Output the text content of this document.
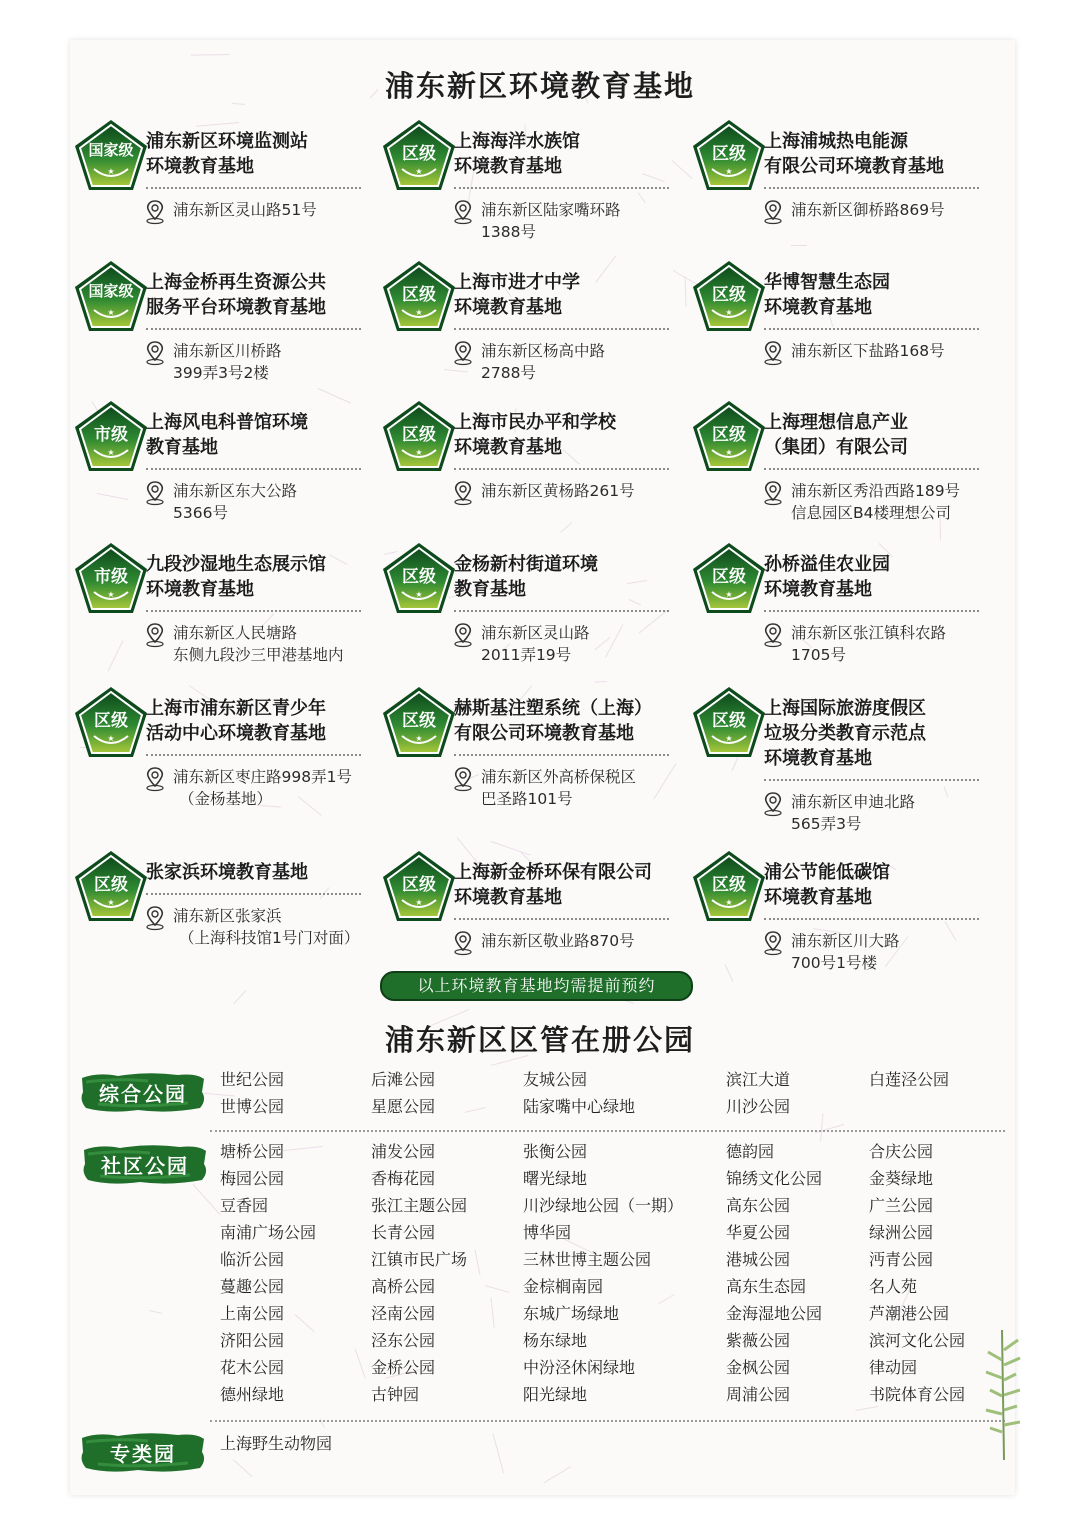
浦东新区环境教育基地
国家级
★
浦东新区环境监测站
环境教育基地
浦东新区灵山路51号
区级
★
上海海洋水族馆
环境教育基地
浦东新区陆家嘴环路
1388号
区级
★
上海浦城热电能源
有限公司环境教育基地
浦东新区御桥路869号
国家级
★
上海金桥再生资源公共
服务平台环境教育基地
浦东新区川桥路
399弄3号2楼
区级
★
上海市进才中学
环境教育基地
浦东新区杨高中路
2788号
区级
★
华博智慧生态园
环境教育基地
浦东新区下盐路168号
市级
★
上海风电科普馆环境
教育基地
浦东新区东大公路
5366号
区级
★
上海市民办平和学校
环境教育基地
浦东新区黄杨路261号
区级
★
上海理想信息产业
（集团）有限公司
浦东新区秀沿西路189号
信息园区B4楼理想公司
市级
★
九段沙湿地生态展示馆
环境教育基地
浦东新区人民塘路
东侧九段沙三甲港基地内
区级
★
金杨新村街道环境
教育基地
浦东新区灵山路
2011弄19号
区级
★
孙桥溢佳农业园
环境教育基地
浦东新区张江镇科农路
1705号
区级
★
上海市浦东新区青少年
活动中心环境教育基地
浦东新区枣庄路998弄1号
（金杨基地）
区级
★
赫斯基注塑系统（上海）
有限公司环境教育基地
浦东新区外高桥保税区
巴圣路101号
区级
★
上海国际旅游度假区
垃圾分类教育示范点
环境教育基地
浦东新区申迪北路
565弄3号
区级
★
张家浜环境教育基地
浦东新区张家浜
（上海科技馆1号门对面）
区级
★
上海新金桥环保有限公司
环境教育基地
浦东新区敬业路870号
区级
★
浦公节能低碳馆
环境教育基地
浦东新区川大路
700号1号楼
以上环境教育基地均需提前预约
浦东新区区管在册公园
综合公园
世纪公园
世博公园
后滩公园
星愿公园
友城公园
陆家嘴中心绿地
滨江大道
川沙公园
白莲泾公园
社区公园
塘桥公园
梅园公园
豆香园
南浦广场公园
临沂公园
蔓趣公园
上南公园
济阳公园
花木公园
德州绿地
浦发公园
香梅花园
张江主题公园
长青公园
江镇市民广场
高桥公园
泾南公园
泾东公园
金桥公园
古钟园
张衡公园
曙光绿地
川沙绿地公园（一期）
博华园
三林世博主题公园
金棕榈南园
东城广场绿地
杨东绿地
中汾泾休闲绿地
阳光绿地
德韵园
锦绣文化公园
高东公园
华夏公园
港城公园
高东生态园
金海湿地公园
紫薇公园
金枫公园
周浦公园
合庆公园
金葵绿地
广兰公园
绿洲公园
沔青公园
名人苑
芦潮港公园
滨河文化公园
律动园
书院体育公园
专类园	上海野生动物园
